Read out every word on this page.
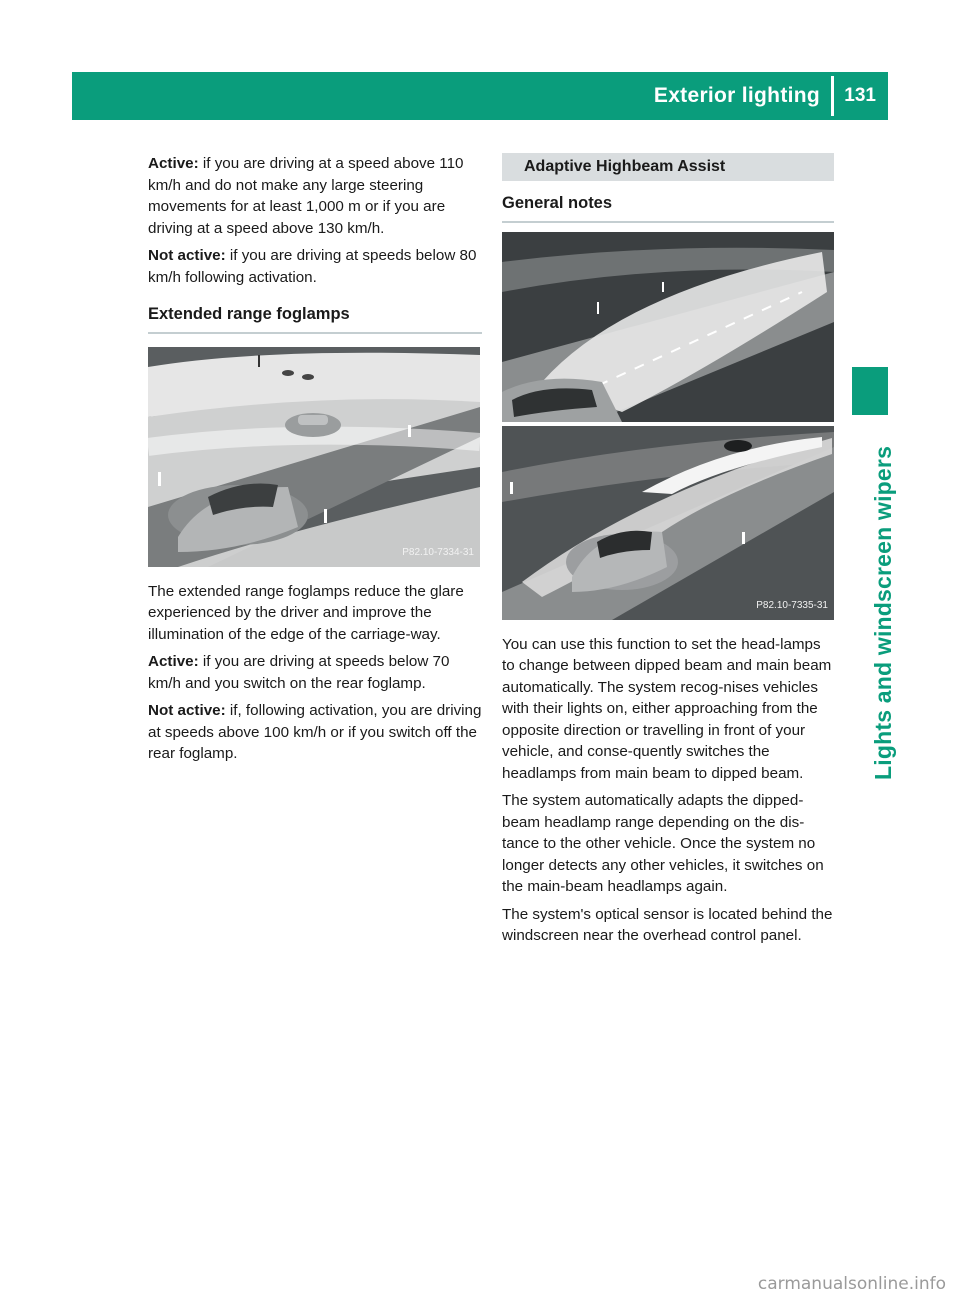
Exterior lighting 131
Lights and windscreen wipers

Active: if you are driving at a speed above 110 km/h and do not make any large steering movements for at least 1,000 m or if you are driving at a speed above 130 km/h.

Not active: if you are driving at speeds below 80 km/h following activation.

Extended range foglamps
P82.10-7334-31

The extended range foglamps reduce the glare experienced by the driver and improve the illumination of the edge of the carriage-way.

Active: if you are driving at speeds below 70 km/h and you switch on the rear foglamp.

Not active: if, following activation, you are driving at speeds above 100 km/h or if you switch off the rear foglamp.

Adaptive Highbeam Assist
General notes
P82.10-7335-31

You can use this function to set the head-lamps to change between dipped beam and main beam automatically. The system recog-nises vehicles with their lights on, either approaching from the opposite direction or travelling in front of your vehicle, and conse-quently switches the headlamps from main beam to dipped beam.

The system automatically adapts the dipped-beam headlamp range depending on the dis-tance to the other vehicle. Once the system no longer detects any other vehicles, it switches on the main-beam headlamps again.

The system's optical sensor is located behind the windscreen near the overhead control panel.

carmanualsonline.info
